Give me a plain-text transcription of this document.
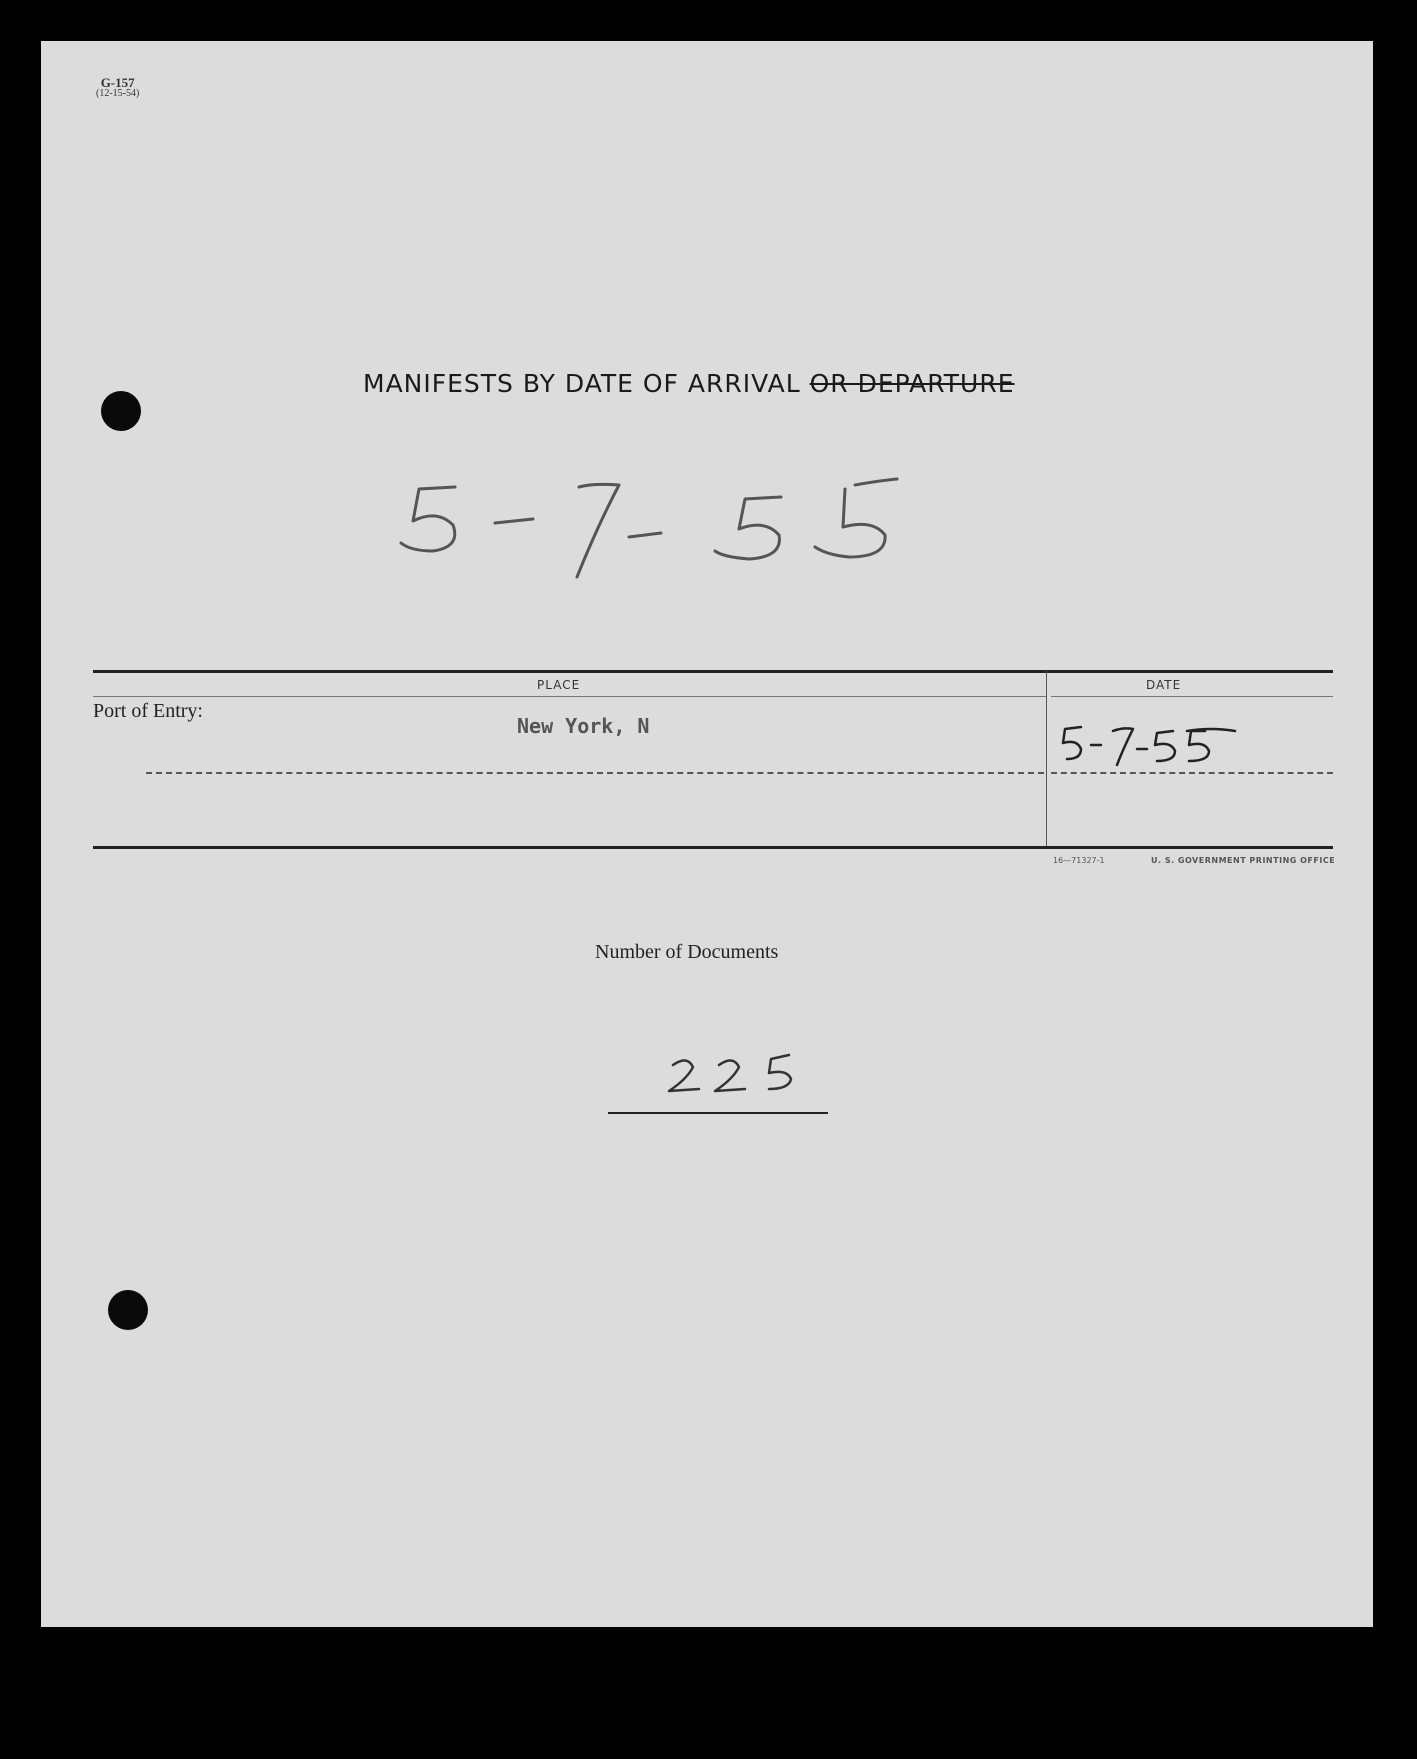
G-157
(12-15-54)
MANIFESTS BY DATE OF ARRIVAL OR DEPARTURE
PLACE	DATE
Port of Entry:
New York, N
16—71327-1	U. S. GOVERNMENT PRINTING OFFICE
Number of Documents
